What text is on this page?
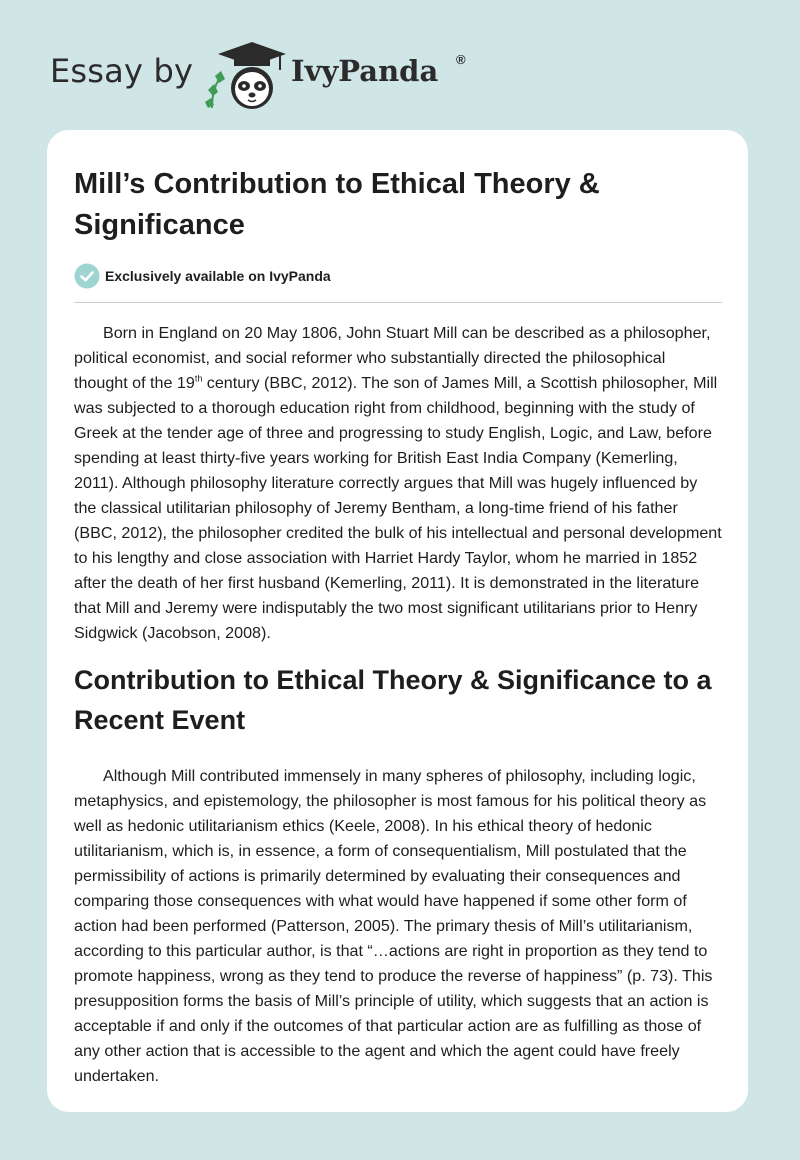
Essay by	IvyPanda ®
Mill’s Contribution to Ethical Theory & Significance
Exclusively available on IvyPanda

Born in England on 20 May 1806, John Stuart Mill can be described as a philosopher, political economist, and social reformer who substantially directed the philosophical thought of the 19th century (BBC, 2012). The son of James Mill, a Scottish philosopher, Mill was subjected to a thorough education right from childhood, beginning with the study of Greek at the tender age of three and progressing to study English, Logic, and Law, before spending at least thirty-five years working for British East India Company (Kemerling, 2011). Although philosophy literature correctly argues that Mill was hugely influenced by the classical utilitarian philosophy of Jeremy Bentham, a long-time friend of his father (BBC, 2012), the philosopher credited the bulk of his intellectual and personal development to his lengthy and close association with Harriet Hardy Taylor, whom he married in 1852 after the death of her first husband (Kemerling, 2011). It is demonstrated in the literature that Mill and Jeremy were indisputably the two most significant utilitarians prior to Henry Sidgwick (Jacobson, 2008).

Contribution to Ethical Theory & Significance to a Recent Event

Although Mill contributed immensely in many spheres of philosophy, including logic, metaphysics, and epistemology, the philosopher is most famous for his political theory as well as hedonic utilitarianism ethics (Keele, 2008). In his ethical theory of hedonic utilitarianism, which is, in essence, a form of consequentialism, Mill postulated that the permissibility of actions is primarily determined by evaluating their consequences and comparing those consequences with what would have happened if some other form of action had been performed (Patterson, 2005). The primary thesis of Mill’s utilitarianism, according to this particular author, is that “…actions are right in proportion as they tend to promote happiness, wrong as they tend to produce the reverse of happiness” (p. 73). This presupposition forms the basis of Mill’s principle of utility, which suggests that an action is acceptable if and only if the outcomes of that particular action are as fulfilling as those of any other action that is accessible to the agent and which the agent could have freely undertaken.
